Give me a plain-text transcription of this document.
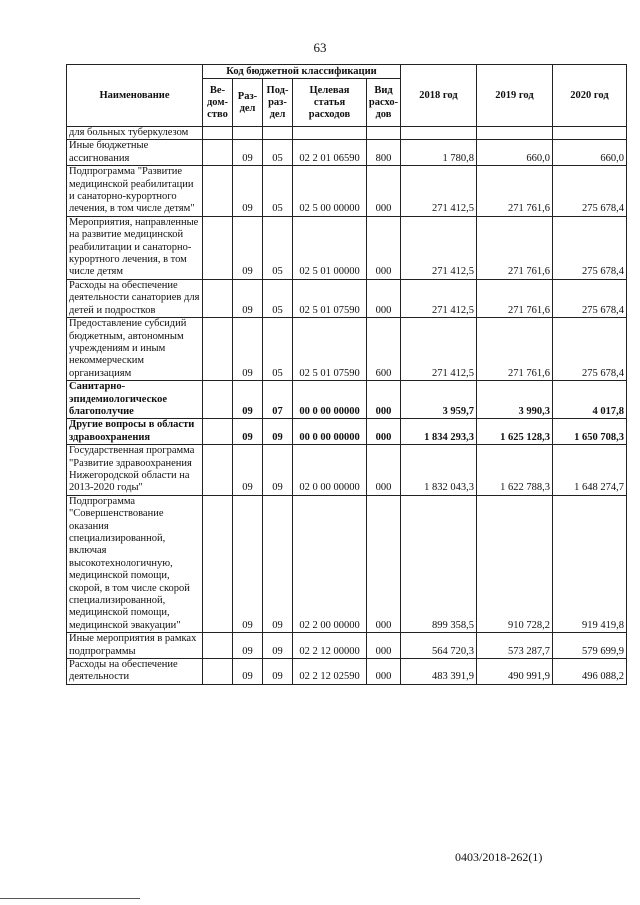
63
Наименование	Код бюджетной классификации					2018 год	2019 год	2020 год
	Ве- дом- ство	Раз- дел	Под- раз- дел	Целевая статья расходов	Вид расхо- дов			
для больных туберкулезом								
Иные бюджетные ассигнования		09	05	02 2 01 06590	800	1 780,8	660,0	660,0
Подпрограмма "Развитие медицинской реабилитации и санаторно-курортного лечения, в том числе детям"		09	05	02 5 00 00000	000	271 412,5	271 761,6	275 678,4
Мероприятия, направленные на развитие медицинской реабилитации и санаторно-курортного лечения, в том числе детям		09	05	02 5 01 00000	000	271 412,5	271 761,6	275 678,4
Расходы на обеспечение деятельности санаториев для детей и подростков		09	05	02 5 01 07590	000	271 412,5	271 761,6	275 678,4
Предоставление субсидий бюджетным, автономным учреждениям и иным некоммерческим организациям		09	05	02 5 01 07590	600	271 412,5	271 761,6	275 678,4
Санитарно-эпидемиологическое благополучие		09	07	00 0 00 00000	000	3 959,7	3 990,3	4 017,8
Другие вопросы в области здравоохранения		09	09	00 0 00 00000	000	1 834 293,3	1 625 128,3	1 650 708,3
Государственная программа "Развитие здравоохранения Нижегородской области на 2013-2020 годы"		09	09	02 0 00 00000	000	1 832 043,3	1 622 788,3	1 648 274,7
Подпрограмма "Совершенствование оказания специализированной, включая высокотехнологичную, медицинской помощи, скорой, в том числе скорой специализированной, медицинской помощи, медицинской эвакуации"		09	09	02 2 00 00000	000	899 358,5	910 728,2	919 419,8
Иные мероприятия в рамках подпрограммы		09	09	02 2 12 00000	000	564 720,3	573 287,7	579 699,9
Расходы на обеспечение деятельности		09	09	02 2 12 02590	000	483 391,9	490 991,9	496 088,2
0403/2018-262(1)
